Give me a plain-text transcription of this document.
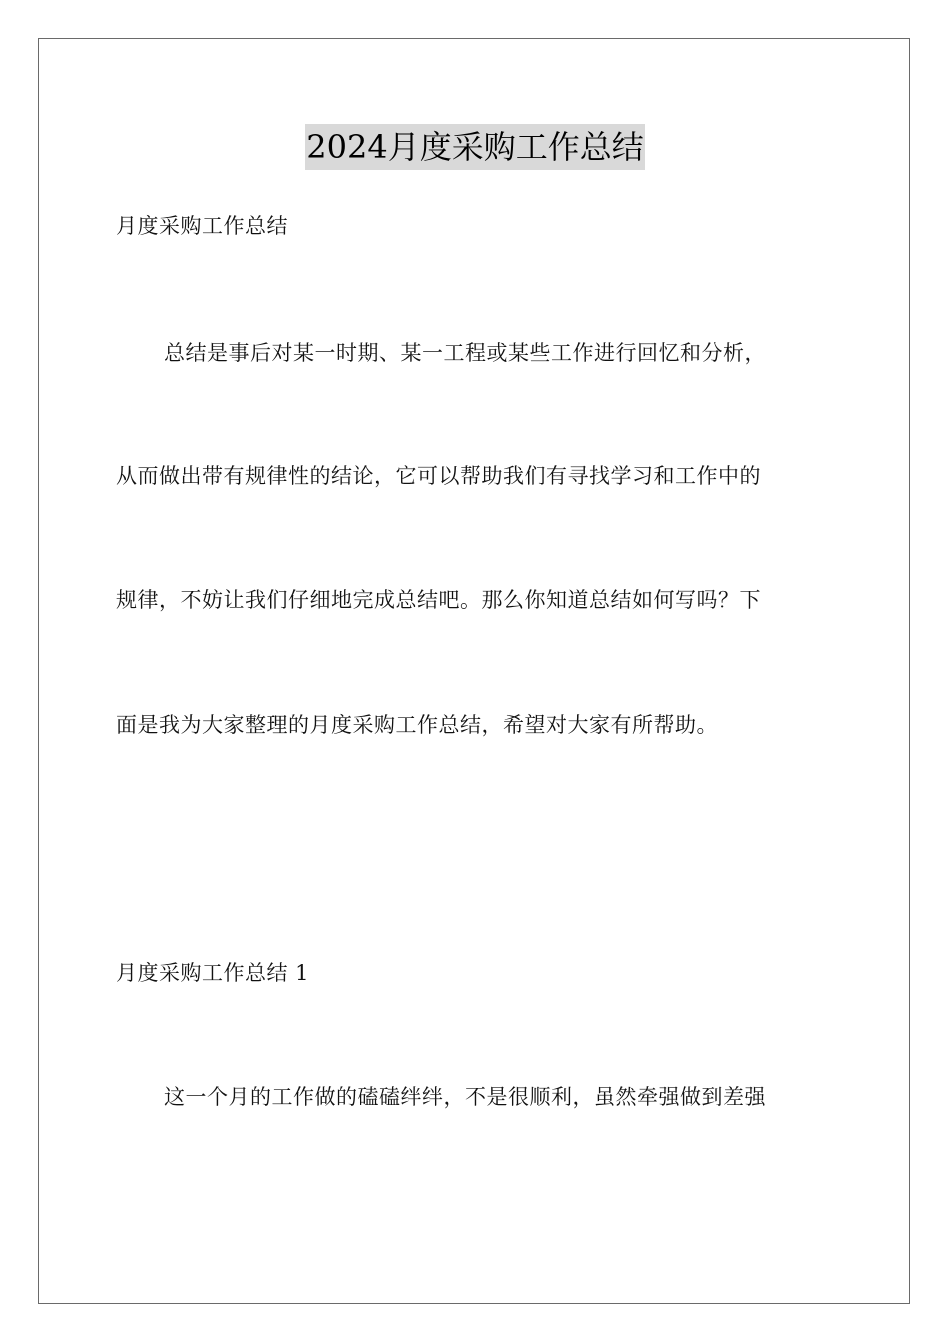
2024月度采购工作总结
月度采购工作总结
总结是事后对某一时期、某一工程或某些工作进行回忆和分析，
从而做出带有规律性的结论，它可以帮助我们有寻找学习和工作中的
规律，不妨让我们仔细地完成总结吧。那么你知道总结如何写吗？下
面是我为大家整理的月度采购工作总结，希望对大家有所帮助。
月度采购工作总结 1
这一个月的工作做的磕磕绊绊，不是很顺利，虽然牵强做到差强
